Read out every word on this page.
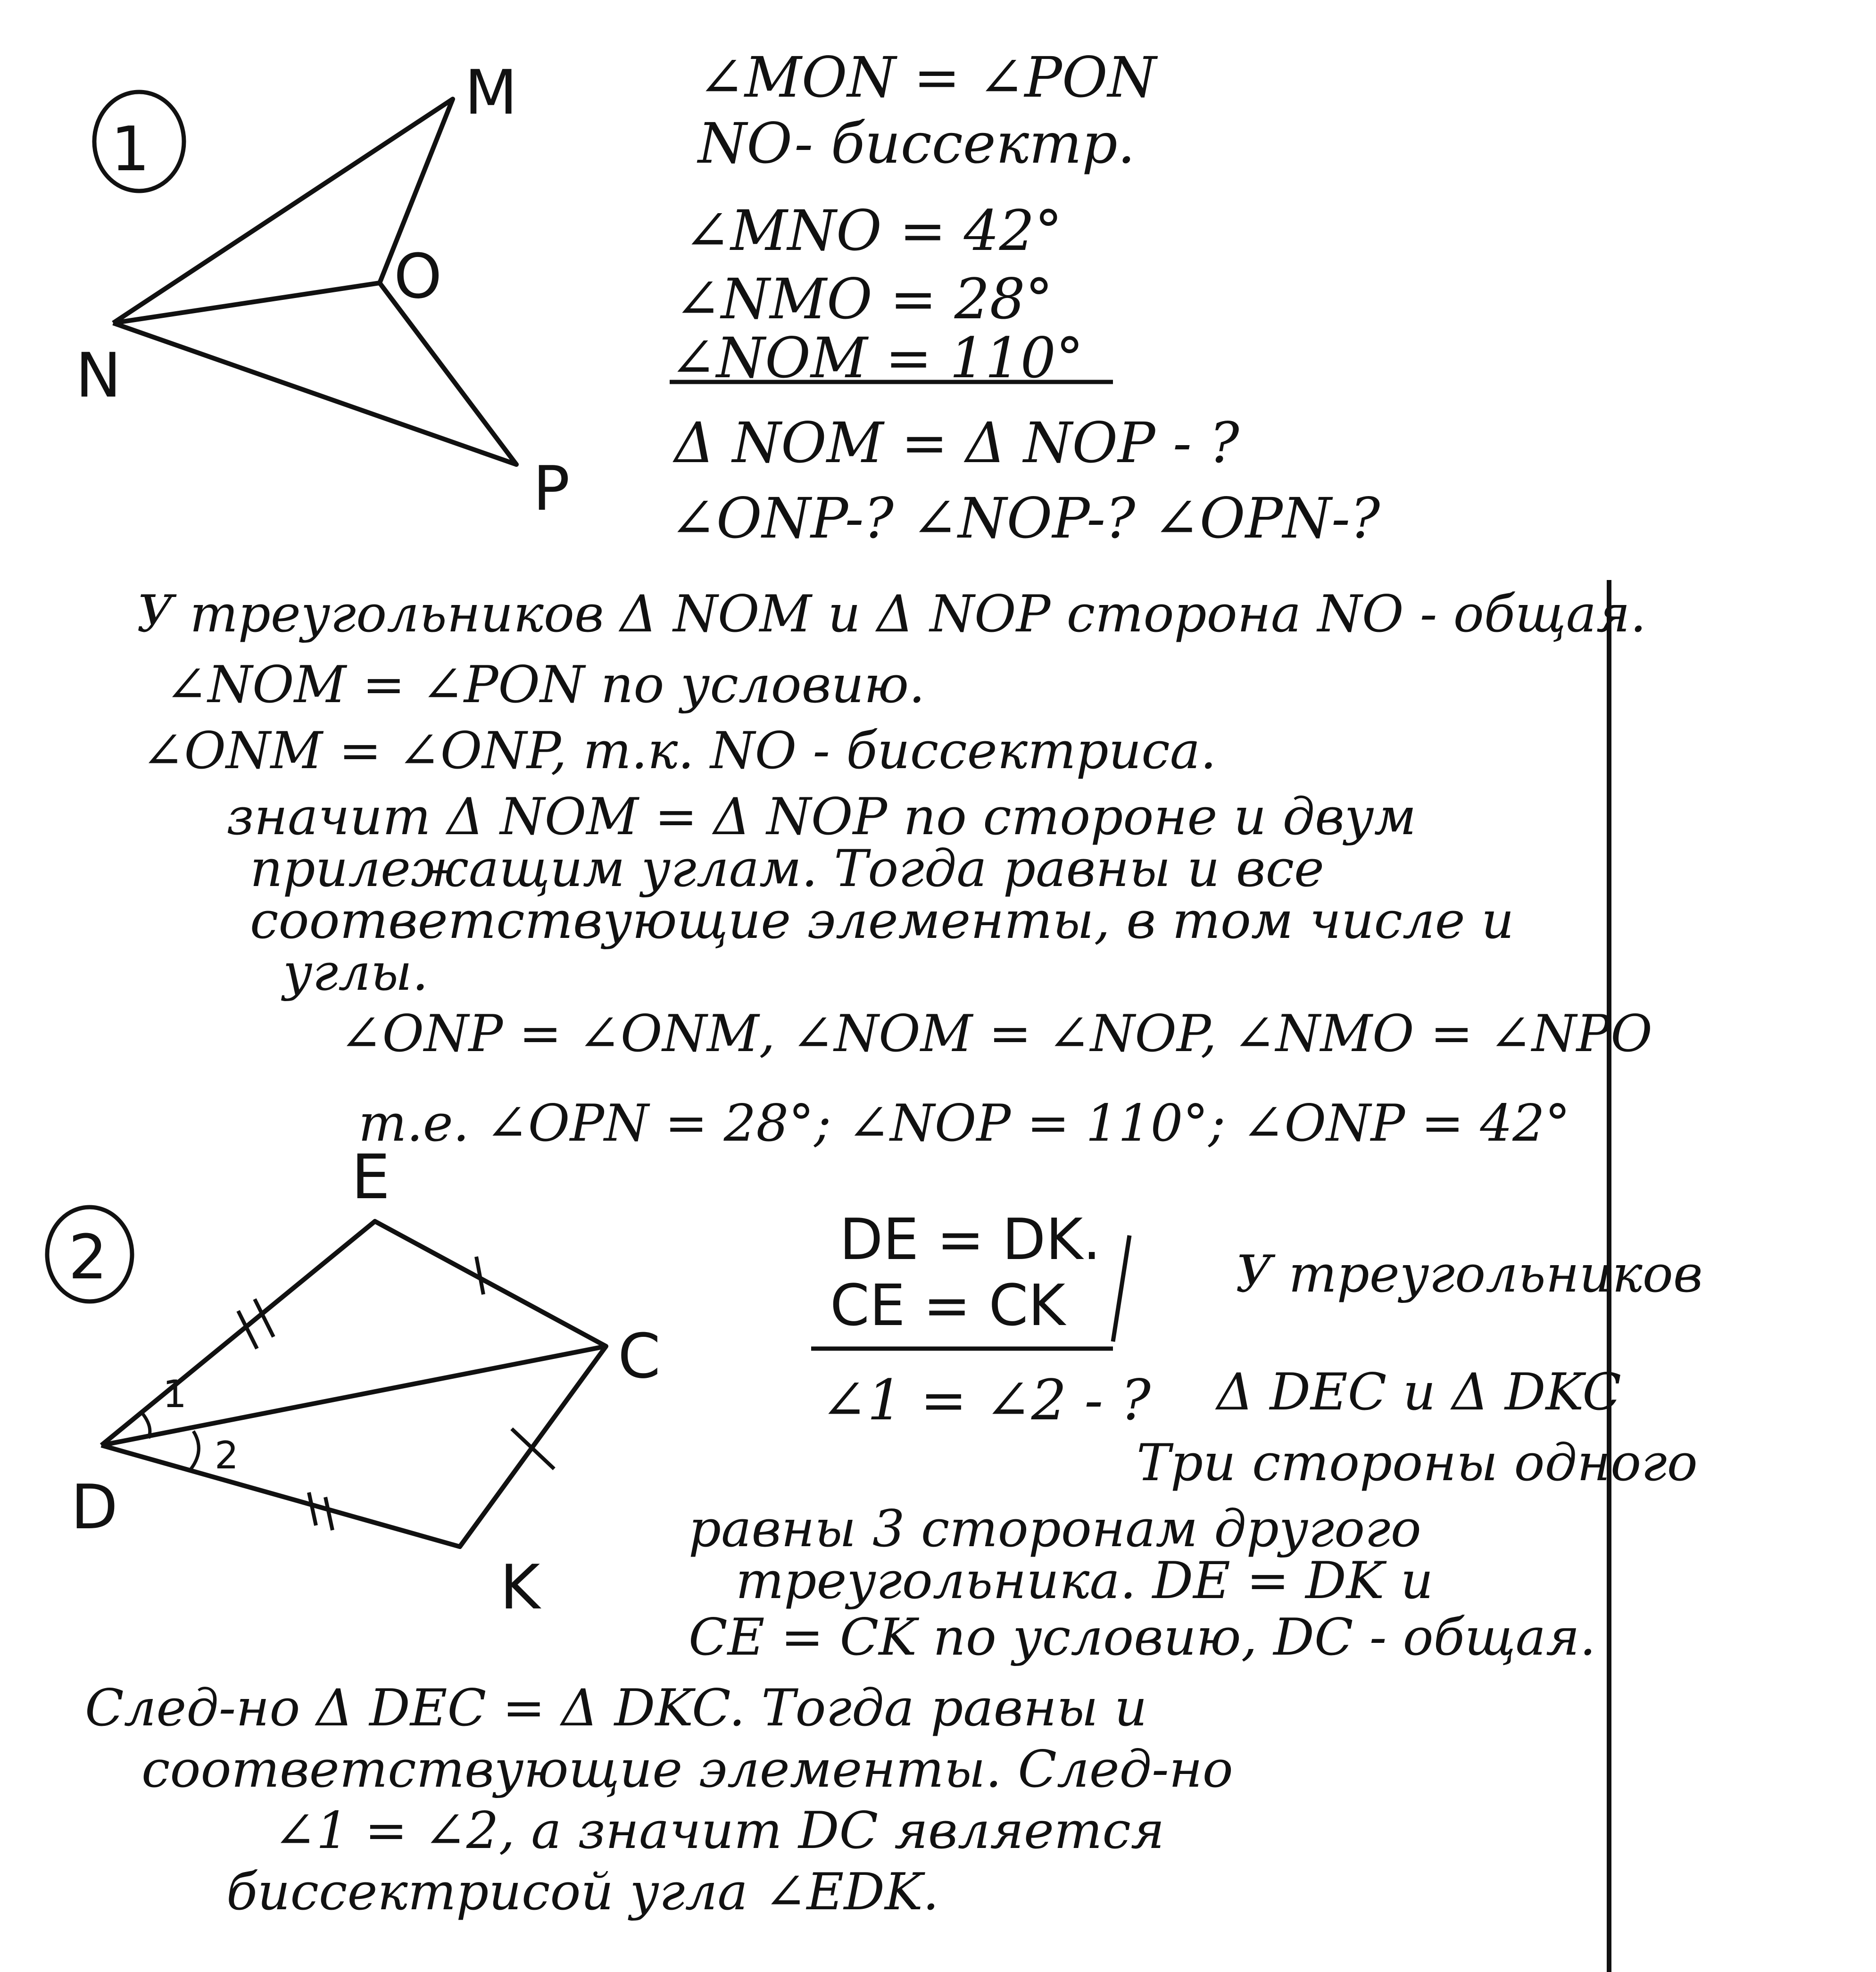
1
M
O
N
P
∠MON = ∠PON
NO- биссектр.
∠MNO = 42°
∠NMO = 28°
∠NOM = 110°
Δ NOM = Δ NOP - ?
∠ONP-? ∠NOP-? ∠OPN-?
У треугольников Δ NOM и Δ NOP сторона NO - общая.
∠NOM = ∠PON по условию.
∠ONM = ∠ONP, т.к. NO - биссектриса.
значит Δ NOM = Δ NOP по стороне и двум
прилежащим углам. Тогда равны и все
соответствующие элементы, в том числе и
углы.
∠ONP = ∠ONM, ∠NOM = ∠NOP, ∠NMO = ∠NPO
т.е. ∠OPN = 28°; ∠NOP = 110°; ∠ONP = 42°
2
E
C
D
K
1
2
DE = DK.
CE = CK
∠1 = ∠2 - ?
У треугольников
Δ DEC и Δ DKC
Три стороны одного
равны 3 сторонам другого
треугольника. DE = DK и
CE = CK по условию, DC - общая.
След-но Δ DEC = Δ DKC. Тогда равны и
соответствующие элементы. След-но
∠1 = ∠2, а значит DC является
биссектрисой угла ∠EDK.
